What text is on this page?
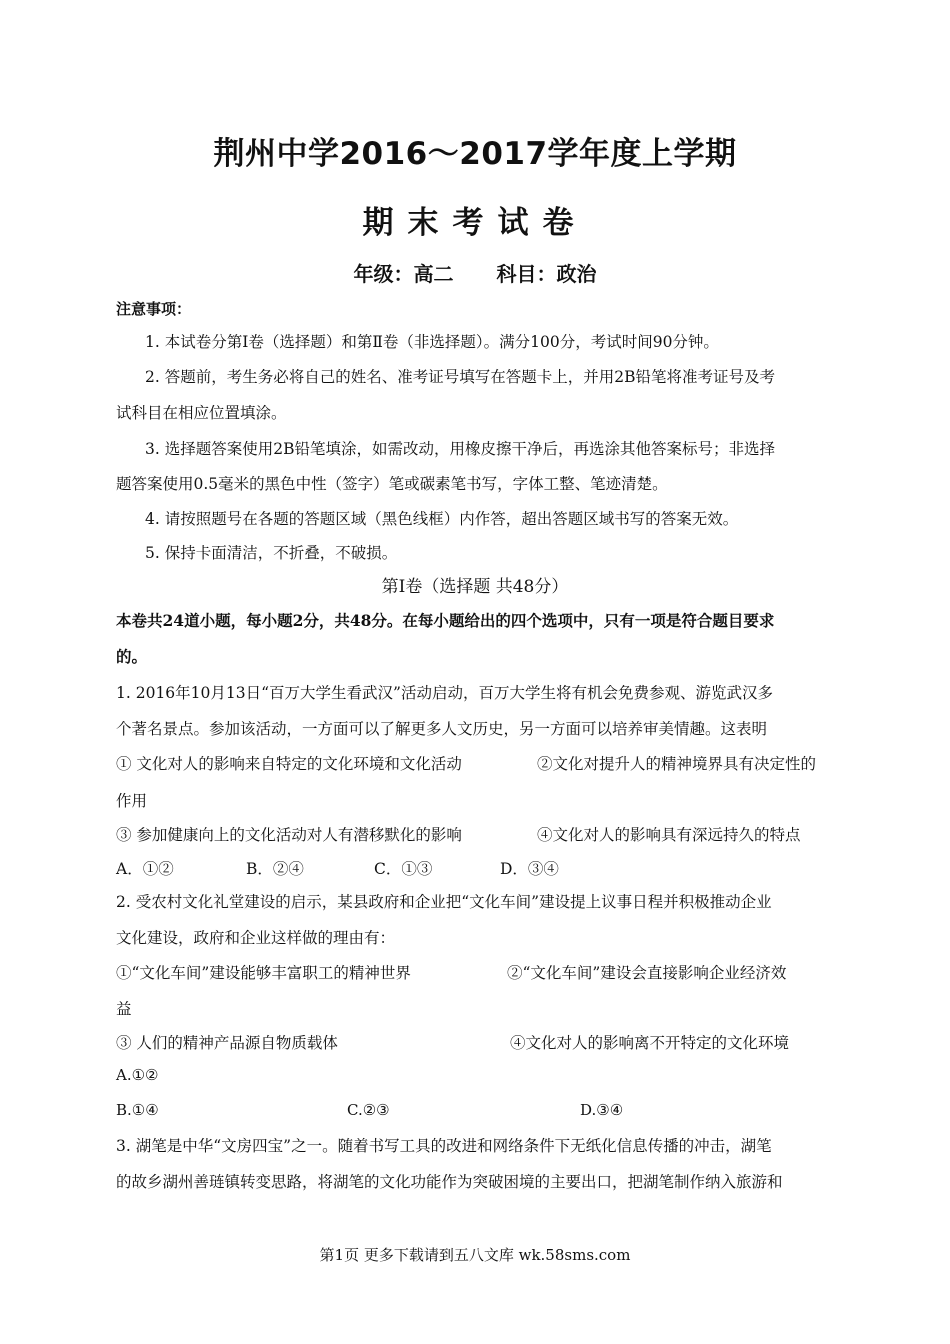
荆州中学2016～2017学年度上学期
期末考试卷
年级：高二 科目：政治
注意事项：
1. 本试卷分第Ⅰ卷（选择题）和第Ⅱ卷（非选择题）。满分100分，考试时间90分钟。
2. 答题前，考生务必将自己的姓名、准考证号填写在答题卡上，并用2B铅笔将准考证号及考
试科目在相应位置填涂。
3. 选择题答案使用2B铅笔填涂，如需改动，用橡皮擦干净后，再选涂其他答案标号；非选择
题答案使用0.5毫米的黑色中性（签字）笔或碳素笔书写，字体工整、笔迹清楚。
4. 请按照题号在各题的答题区域（黑色线框）内作答，超出答题区域书写的答案无效。
5. 保持卡面清洁，不折叠，不破损。
第Ⅰ卷（选择题 共48分）
本卷共24道小题，每小题2分，共48分。在每小题给出的四个选项中，只有一项是符合题目要求
的。
1. 2016年10月13日“百万大学生看武汉”活动启动，百万大学生将有机会免费参观、游览武汉多
个著名景点。参加该活动，一方面可以了解更多人文历史，另一方面可以培养审美情趣。这表明
① 文化对人的影响来自特定的文化环境和文化活动	②文化对提升人的精神境界具有决定性的
作用
③ 参加健康向上的文化活动对人有潜移默化的影响	④文化对人的影响具有深远持久的特点
A．①②	B．②④	C．①③	D．③④
2. 受农村文化礼堂建设的启示，某县政府和企业把“文化车间”建设提上议事日程并积极推动企业
文化建设，政府和企业这样做的理由有：
①“文化车间”建设能够丰富职工的精神世界	②“文化车间”建设会直接影响企业经济效
益
③ 人们的精神产品源自物质载体	④文化对人的影响离不开特定的文化环境
A.①②
B.①④	C.②③	D.③④
3. 湖笔是中华“文房四宝”之一。随着书写工具的改进和网络条件下无纸化信息传播的冲击，湖笔
的故乡湖州善琏镇转变思路，将湖笔的文化功能作为突破困境的主要出口，把湖笔制作纳入旅游和
第1页 更多下载请到五八文库 wk.58sms.com
